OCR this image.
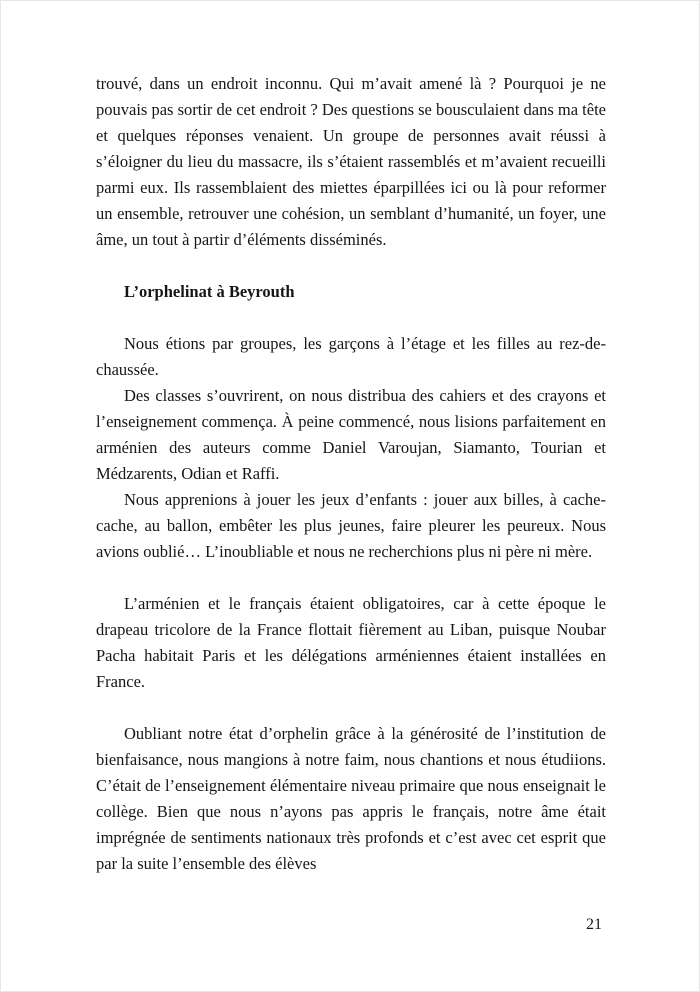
trouvé, dans un endroit inconnu. Qui m’avait amené là ? Pourquoi je ne pouvais pas sortir de cet endroit ? Des questions se bousculaient dans ma tête et quelques réponses venaient. Un groupe de personnes avait réussi à s’éloigner du lieu du massacre, ils s’étaient rassemblés et m’avaient recueilli parmi eux. Ils rassemblaient des miettes éparpillées ici ou là pour reformer un ensemble, retrouver une cohésion, un semblant d’humanité, un foyer, une âme, un tout à partir d’éléments disséminés.

L’orphelinat à Beyrouth

Nous étions par groupes, les garçons à l’étage et les filles au rez-de-chaussée.

Des classes s’ouvrirent, on nous distribua des cahiers et des crayons et l’enseignement commença. À peine commencé, nous lisions parfaitement en arménien des auteurs comme Daniel Varoujan, Siamanto, Tourian et Médzarents, Odian et Raffi.

Nous apprenions à jouer les jeux d’enfants : jouer aux billes, à cache-cache, au ballon, embêter les plus jeunes, faire pleurer les peureux. Nous avions oublié… L’inoubliable et nous ne recherchions plus ni père ni mère.

L’arménien et le français étaient obligatoires, car à cette époque le drapeau tricolore de la France flottait fièrement au Liban, puisque Noubar Pacha habitait Paris et les délégations arméniennes étaient installées en France.

Oubliant notre état d’orphelin grâce à la générosité de l’institution de bienfaisance, nous mangions à notre faim, nous chantions et nous étudiions. C’était de l’enseignement élémentaire niveau primaire que nous enseignait le collège. Bien que nous n’ayons pas appris le français, notre âme était imprégnée de sentiments nationaux très profonds et c’est avec cet esprit que par la suite l’ensemble des élèves

21
